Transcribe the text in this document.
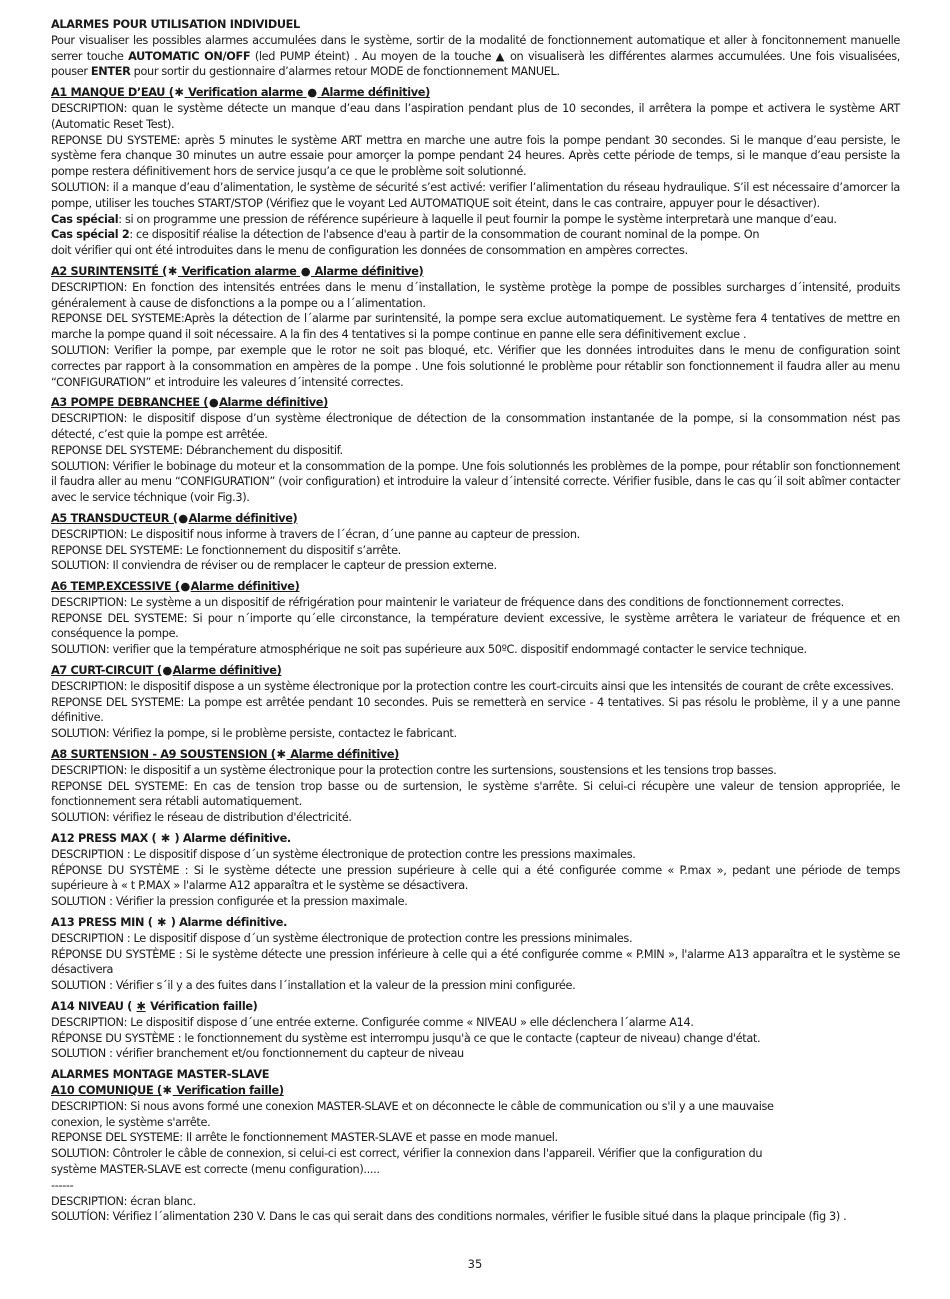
ALARMES POUR UTILISATION INDIVIDUEL

Pour visualiser les possibles alarmes accumulées dans le système, sortir de la modalité de fonctionnement automatique et aller à foncitonnement manuelle serrer touche AUTOMATIC ON/OFF (led PUMP éteint) . Au moyen de la touche ▲ on visualiserà les différentes alarmes accumulées. Une fois visualisées, pouser ENTER pour sortir du gestionnaire d’alarmes retour MODE de fonctionnement MANUEL.

A1 MANQUE D’EAU (✱ Verification alarme ● Alarme définitive)

DESCRIPTION: quan le système détecte un manque d’eau dans l’aspiration pendant plus de 10 secondes, il arrêtera la pompe et activera le système ART (Automatic Reset Test).

REPONSE DU SYSTEME: après 5 minutes le système ART mettra en marche une autre fois la pompe pendant 30 secondes. Si le manque d’eau persiste, le système fera chanque 30 minutes un autre essaie pour amorçer la pompe pendant 24 heures. Après cette période de temps, si le manque d’eau persiste la pompe restera définitivement hors de service jusqu’a ce que le problème soit solutionné.

SOLUTION: il a manque d’eau d’alimentation, le système de sécurité s’est activé: verifier l’alimentation du réseau hydraulique. S’il est nécessaire d’amorcer la pompe, utiliser les touches START/STOP (Vérifiez que le voyant Led AUTOMATIQUE soit éteint, dans le cas contraire, appuyer pour le désactiver).

Cas spécial: si on programme une pression de référence supérieure à laquelle il peut fournir la pompe le système interpretarà une manque d’eau.

Cas spécial 2: ce dispositif réalise la détection de l'absence d'eau à partir de la consommation de courant nominal de la pompe. On

doit vérifier qui ont été introduites dans le menu de configuration les données de consommation en ampères correctes.

A2 SURINTENSITÉ (✱ Verification alarme ● Alarme définitive)

DESCRIPTION: En fonction des intensités entrées dans le menu d´installation, le système protège la pompe de possibles surcharges d´intensité, produits généralement à cause de disfonctions a la pompe ou a l´alimentation.

REPONSE DEL SYSTEME:Après la détection de l´alarme par surintensité, la pompe sera exclue automatiquement. Le système fera 4 tentatives de mettre en marche la pompe quand il soit nécessaire. A la fin des 4 tentatives si la pompe continue en panne elle sera définitivement exclue .

SOLUTION: Verifier la pompe, par exemple que le rotor ne soit pas bloqué, etc. Vérifier que les données introduites dans le menu de configuration soint correctes par rapport à la consommation en ampères de la pompe . Une fois solutionné le problème pour rétablir son fonctionnement il faudra aller au menu “CONFIGURATION” et introduire les valeures d´intensité correctes.

A3 POMPE DEBRANCHEE (●Alarme définitive)

DESCRIPTION: le dispositif dispose d’un système électronique de détection de la consommation instantanée de la pompe, si la consommation nést pas détecté, c’est quie la pompe est arrêtée.

REPONSE DEL SYSTEME: Débranchement du dispositif.

SOLUTION: Vérifier le bobinage du moteur et la consommation de la pompe. Une fois solutionnés les problèmes de la pompe, pour rétablir son fonctionnement il faudra aller au menu “CONFIGURATION” (voir configuration) et introduire la valeur d´intensité correcte. Vérifier fusible, dans le cas qu´il soit abîmer contacter avec le service téchnique (voir Fig.3).

A5 TRANSDUCTEUR (●Alarme définitive)

DESCRIPTION: Le dispositif nous informe à travers de l´écran, d´une panne au capteur de pression.

REPONSE DEL SYSTEME: Le fonctionnement du dispositif s’arrête.

SOLUTION: Il conviendra de réviser ou de remplacer le capteur de pression externe.

A6 TEMP.EXCESSIVE (●Alarme définitive)

DESCRIPTION: Le système a un dispositif de réfrigération pour maintenir le variateur de fréquence dans des conditions de fonctionnement correctes.

REPONSE DEL SYSTEME: Si pour n´importe qu´elle circonstance, la température devient excessive, le système arrêtera le variateur de fréquence et en conséquence la pompe.

SOLUTION: verifier que la température atmosphérique ne soit pas supérieure aux 50ºC. dispositif endommagé contacter le service technique.

A7 CURT-CIRCUIT (●Alarme définitive)

DESCRIPTION: le dispositif dispose a un système électronique por la protection contre les court-circuits ainsi que les intensités de courant de crête excessives.

REPONSE DEL SYSTEME: La pompe est arrêtée pendant 10 secondes. Puis se remetterà en service - 4 tentatives. Si pas résolu le problème, il y a une panne définitive.

SOLUTION: Vérifiez la pompe, si le problème persiste, contactez le fabricant.

A8 SURTENSION - A9 SOUSTENSION (✱ Alarme définitive)

DESCRIPTION: le dispositif a un système électronique pour la protection contre les surtensions, soustensions et les tensions trop basses.

REPONSE DEL SYSTEME: En cas de tension trop basse ou de surtension, le système s'arrête. Si celui-ci récupère une valeur de tension appropriée, le fonctionnement sera rétabli automatiquement.

SOLUTION: vérifiez le réseau de distribution d'électricité.

A12 PRESS MAX ( ✱ ) Alarme définitive.

DESCRIPTION : Le dispositif dispose d´un système électronique de protection contre les pressions maximales.

RÉPONSE DU SYSTÈME : Si le système détecte une pression supérieure à celle qui a été configurée comme « P.max », pedant une période de temps supérieure à « t P.MAX » l'alarme A12 apparaîtra et le système se désactivera.

SOLUTION : Vérifier la pression configurée et la pression maximale.

A13 PRESS MIN ( ✱ ) Alarme définitive.

DESCRIPTION : Le dispositif dispose d´un système électronique de protection contre les pressions minimales.

RÉPONSE DU SYSTÈME : Si le système détecte une pression inférieure à celle qui a été configurée comme « P.MIN », l'alarme A13 apparaîtra et le système se désactivera

SOLUTION : Vérifier s´il y a des fuites dans l´installation et la valeur de la pression mini configurée.

A14 NIVEAU ( ✱ Vérification faille)

DESCRIPTION: Le dispositif dispose d´une entrée externe. Configurée comme « NIVEAU » elle déclenchera l´alarme A14.

RÉPONSE DU SYSTÈME : le fonctionnement du système est interrompu jusqu'à ce que le contacte (capteur de niveau) change d'état.

SOLUTION : vérifier branchement et/ou fonctionnement du capteur de niveau

ALARMES MONTAGE MASTER-SLAVE

A10 COMUNIQUE (✱ Verification faille)

DESCRIPTION: Si nous avons formé une conexion MASTER-SLAVE et on déconnecte le câble de communication ou s'il y a une mauvaise

conexion, le système s'arrête.

REPONSE DEL SYSTEME: Il arrête le fonctionnement MASTER-SLAVE et passe en mode manuel.

SOLUTION: Côntroler le câble de connexion, si celui-ci est correct, vérifier la connexion dans l'appareil. Vérifier que la configuration du

système MASTER-SLAVE est correcte (menu configuration).....

------

DESCRIPTION: écran blanc.

SOLUTÍON: Vérifiez l´alimentation 230 V. Dans le cas qui serait dans des conditions normales, vérifier le fusible situé dans la plaque principale (fig 3) .

35
